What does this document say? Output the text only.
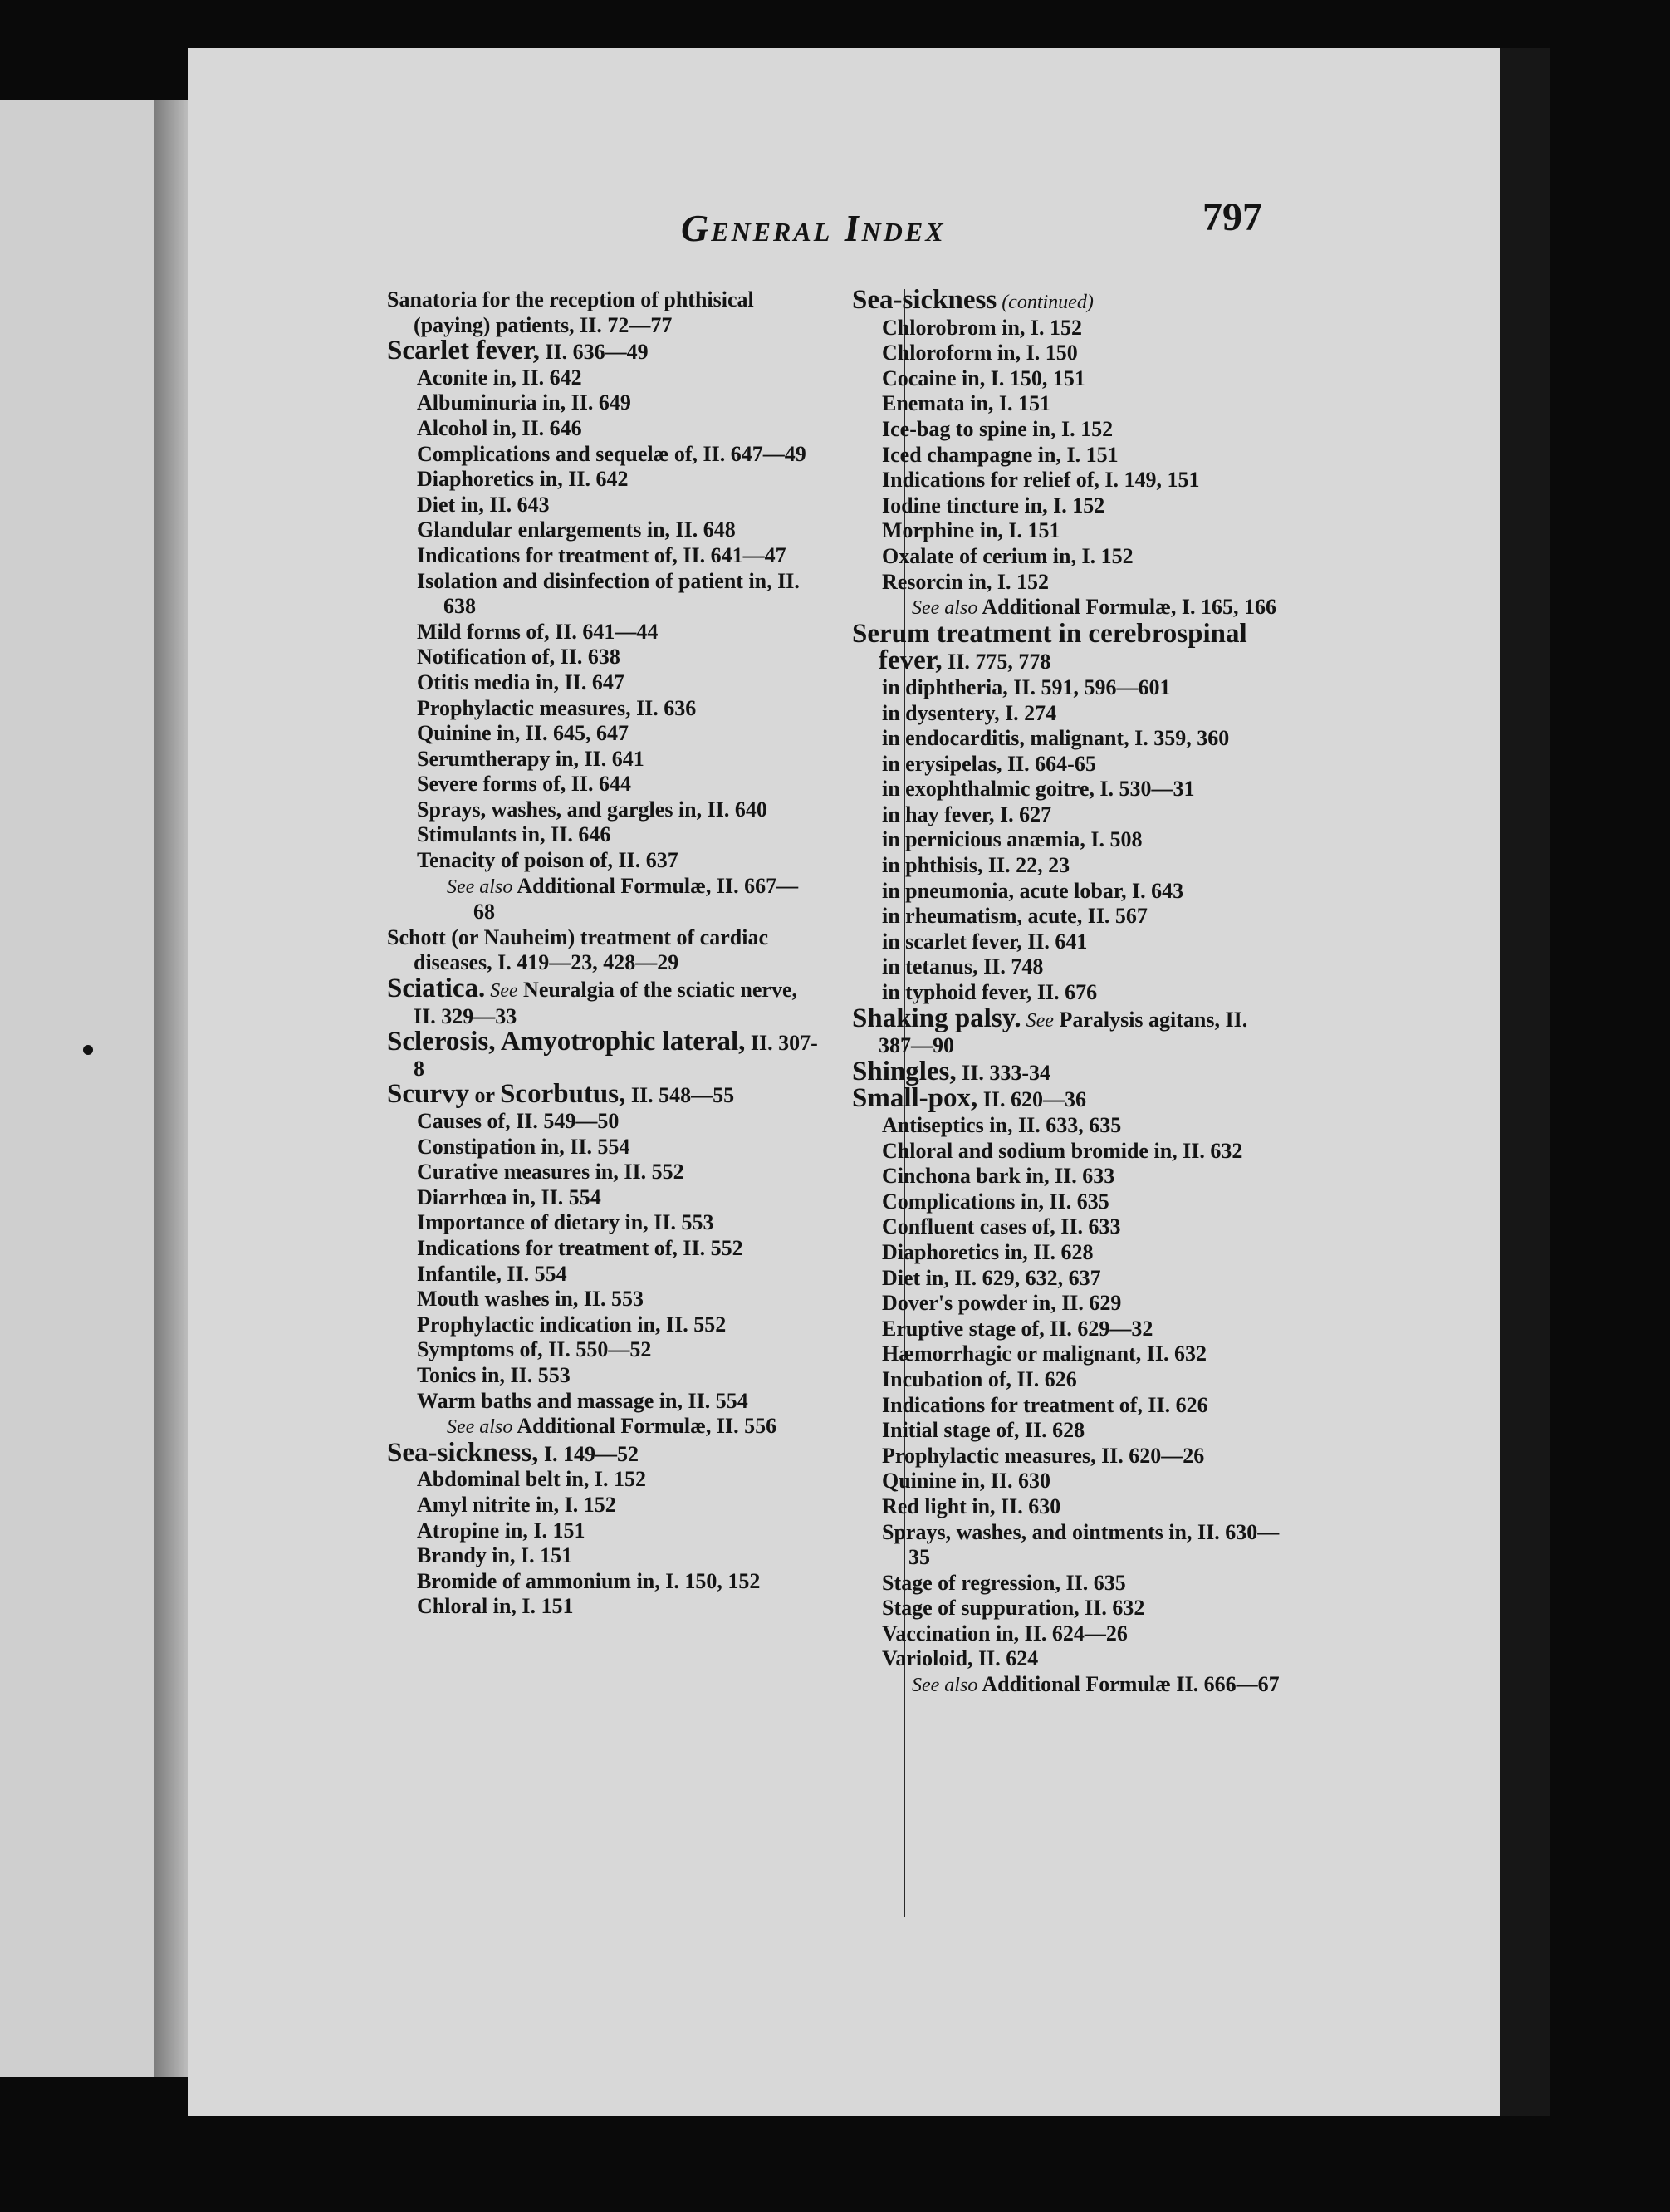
General Index	797
Sanatoria for the reception of phthisical (paying) patients, II. 72—77
Scarlet fever, II. 636—49
Aconite in, II. 642
Albuminuria in, II. 649
Alcohol in, II. 646
Complications and sequelæ of, II. 647—49
Diaphoretics in, II. 642
Diet in, II. 643
Glandular enlargements in, II. 648
Indications for treatment of, II. 641—47
Isolation and disinfection of patient in, II. 638
Mild forms of, II. 641—44
Notification of, II. 638
Otitis media in, II. 647
Prophylactic measures, II. 636
Quinine in, II. 645, 647
Serumtherapy in, II. 641
Severe forms of, II. 644
Sprays, washes, and gargles in, II. 640
Stimulants in, II. 646
Tenacity of poison of, II. 637
See also Additional Formulæ, II. 667—68
Schott (or Nauheim) treatment of cardiac diseases, I. 419—23, 428—29
Sciatica. See Neuralgia of the sciatic nerve, II. 329—33
Sclerosis, Amyotrophic lateral, II. 307-8
Scurvy or Scorbutus, II. 548—55
Causes of, II. 549—50
Constipation in, II. 554
Curative measures in, II. 552
Diarrhœa in, II. 554
Importance of dietary in, II. 553
Indications for treatment of, II. 552
Infantile, II. 554
Mouth washes in, II. 553
Prophylactic indication in, II. 552
Symptoms of, II. 550—52
Tonics in, II. 553
Warm baths and massage in, II. 554
See also Additional Formulæ, II. 556
Sea-sickness, I. 149—52
Abdominal belt in, I. 152
Amyl nitrite in, I. 152
Atropine in, I. 151
Brandy in, I. 151
Bromide of ammonium in, I. 150, 152
Chloral in, I. 151
Sea-sickness (continued)
Chlorobrom in, I. 152
Chloroform in, I. 150
Cocaine in, I. 150, 151
Enemata in, I. 151
Ice-bag to spine in, I. 152
Iced champagne in, I. 151
Indications for relief of, I. 149, 151
Iodine tincture in, I. 152
Morphine in, I. 151
Oxalate of cerium in, I. 152
Resorcin in, I. 152
See also Additional Formulæ, I. 165, 166
Serum treatment in cerebrospinal fever, II. 775, 778
in diphtheria, II. 591, 596—601
in dysentery, I. 274
in endocarditis, malignant, I. 359, 360
in erysipelas, II. 664-65
in exophthalmic goitre, I. 530—31
in hay fever, I. 627
in pernicious anæmia, I. 508
in phthisis, II. 22, 23
in pneumonia, acute lobar, I. 643
in rheumatism, acute, II. 567
in scarlet fever, II. 641
in tetanus, II. 748
in typhoid fever, II. 676
Shaking palsy. See Paralysis agitans, II. 387—90
Shingles, II. 333-34
Small-pox, II. 620—36
Antiseptics in, II. 633, 635
Chloral and sodium bromide in, II. 632
Cinchona bark in, II. 633
Complications in, II. 635
Confluent cases of, II. 633
Diaphoretics in, II. 628
Diet in, II. 629, 632, 637
Dover's powder in, II. 629
Eruptive stage of, II. 629—32
Hæmorrhagic or malignant, II. 632
Incubation of, II. 626
Indications for treatment of, II. 626
Initial stage of, II. 628
Prophylactic measures, II. 620—26
Quinine in, II. 630
Red light in, II. 630
Sprays, washes, and ointments in, II. 630—35
Stage of regression, II. 635
Stage of suppuration, II. 632
Vaccination in, II. 624—26
Varioloid, II. 624
See also Additional Formulæ II. 666—67
